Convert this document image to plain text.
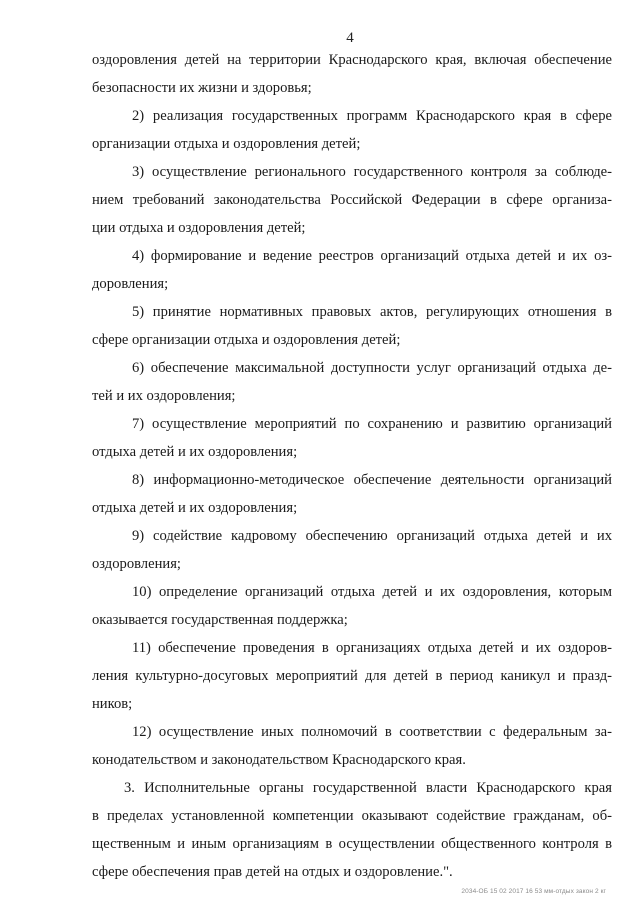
4
оздоровления детей на территории Краснодарского края, включая обеспечение
безопасности их жизни и здоровья;
2) реализация государственных программ Краснодарского края в сфере
организации отдыха и оздоровления детей;
3) осуществление регионального государственного контроля за соблюде-
нием требований законодательства Российской Федерации в сфере организа-
ции отдыха и оздоровления детей;
4) формирование и ведение реестров организаций отдыха детей и их оз-
доровления;
5) принятие нормативных правовых актов, регулирующих отношения в
сфере организации отдыха и оздоровления детей;
6) обеспечение максимальной доступности услуг организаций отдыха де-
тей и их оздоровления;
7) осуществление мероприятий по сохранению и развитию организаций
отдыха детей и их оздоровления;
8) информационно-методическое обеспечение деятельности организаций
отдыха детей и их оздоровления;
9) содействие кадровому обеспечению организаций отдыха детей и их
оздоровления;
10) определение организаций отдыха детей и их оздоровления, которым
оказывается государственная поддержка;
11) обеспечение проведения в организациях отдыха детей и их оздоров-
ления культурно-досуговых мероприятий для детей в период каникул и празд-
ников;
12) осуществление иных полномочий в соответствии с федеральным за-
конодательством и законодательством Краснодарского края.
3. Исполнительные органы государственной власти Краснодарского края
в пределах установленной компетенции оказывают содействие гражданам, об-
щественным и иным организациям в осуществлении общественного контроля в
сфере обеспечения прав детей на отдых и оздоровление.".
2034-ОБ 15 02 2017 16 53 мм-отдых закон 2 кг
